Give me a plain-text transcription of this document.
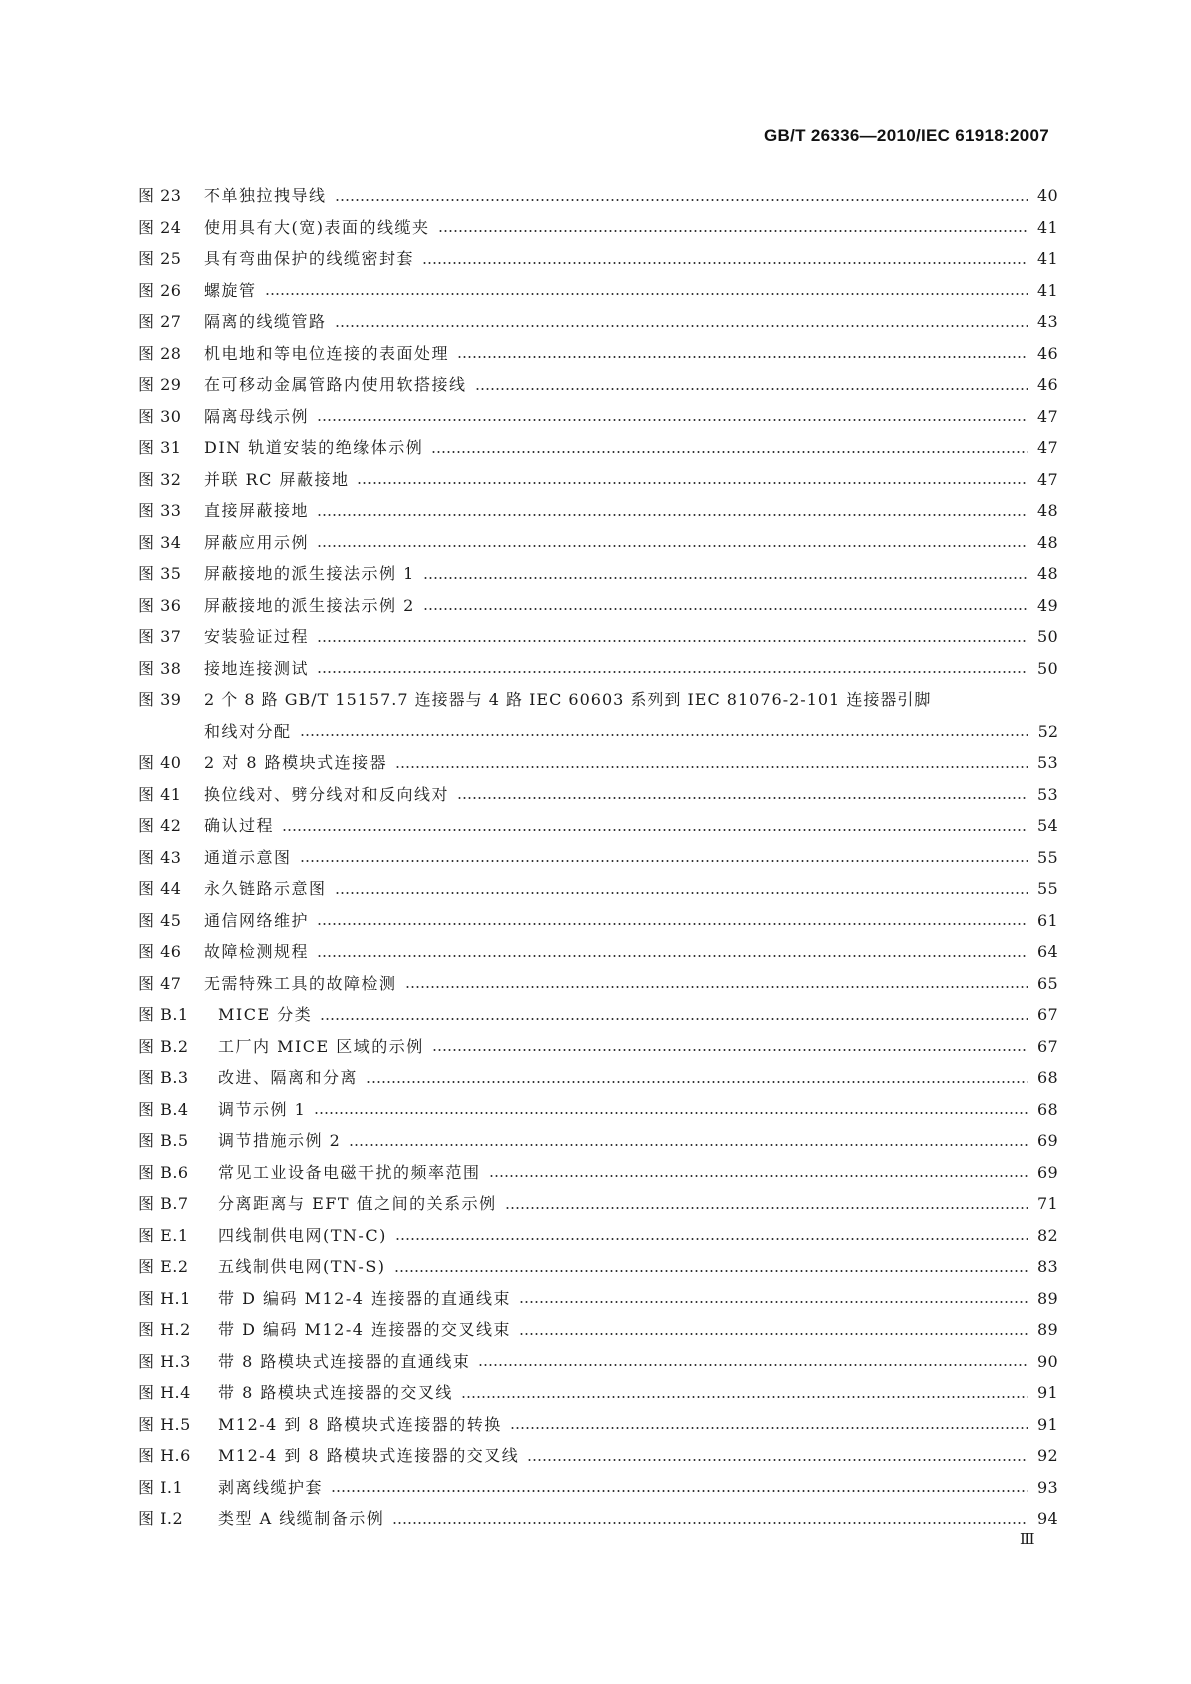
GB/T 26336—2010/IEC 61918:2007
图 23	不单独拉拽导线	40
图 24	使用具有大(宽)表面的线缆夹	41
图 25	具有弯曲保护的线缆密封套	41
图 26	螺旋管	41
图 27	隔离的线缆管路	43
图 28	机电地和等电位连接的表面处理	46
图 29	在可移动金属管路内使用软搭接线	46
图 30	隔离母线示例	47
图 31	DIN 轨道安装的绝缘体示例	47
图 32	并联 RC 屏蔽接地	47
图 33	直接屏蔽接地	48
图 34	屏蔽应用示例	48
图 35	屏蔽接地的派生接法示例 1	48
图 36	屏蔽接地的派生接法示例 2	49
图 37	安装验证过程	50
图 38	接地连接测试	50
图 39	2 个 8 路 GB/T 15157.7 连接器与 4 路 IEC 60603 系列到 IEC 81076-2-101 连接器引脚
和线对分配	52
图 40	2 对 8 路模块式连接器	53
图 41	换位线对、劈分线对和反向线对	53
图 42	确认过程	54
图 43	通道示意图	55
图 44	永久链路示意图	55
图 45	通信网络维护	61
图 46	故障检测规程	64
图 47	无需特殊工具的故障检测	65
图 B.1	MICE 分类	67
图 B.2	工厂内 MICE 区域的示例	67
图 B.3	改进、隔离和分离	68
图 B.4	调节示例 1	68
图 B.5	调节措施示例 2	69
图 B.6	常见工业设备电磁干扰的频率范围	69
图 B.7	分离距离与 EFT 值之间的关系示例	71
图 E.1	四线制供电网(TN-C)	82
图 E.2	五线制供电网(TN-S)	83
图 H.1	带 D 编码 M12-4 连接器的直通线束	89
图 H.2	带 D 编码 M12-4 连接器的交叉线束	89
图 H.3	带 8 路模块式连接器的直通线束	90
图 H.4	带 8 路模块式连接器的交叉线	91
图 H.5	M12-4 到 8 路模块式连接器的转换	91
图 H.6	M12-4 到 8 路模块式连接器的交叉线	92
图 I.1	剥离线缆护套	93
图 I.2	类型 A 线缆制备示例	94
Ⅲ
